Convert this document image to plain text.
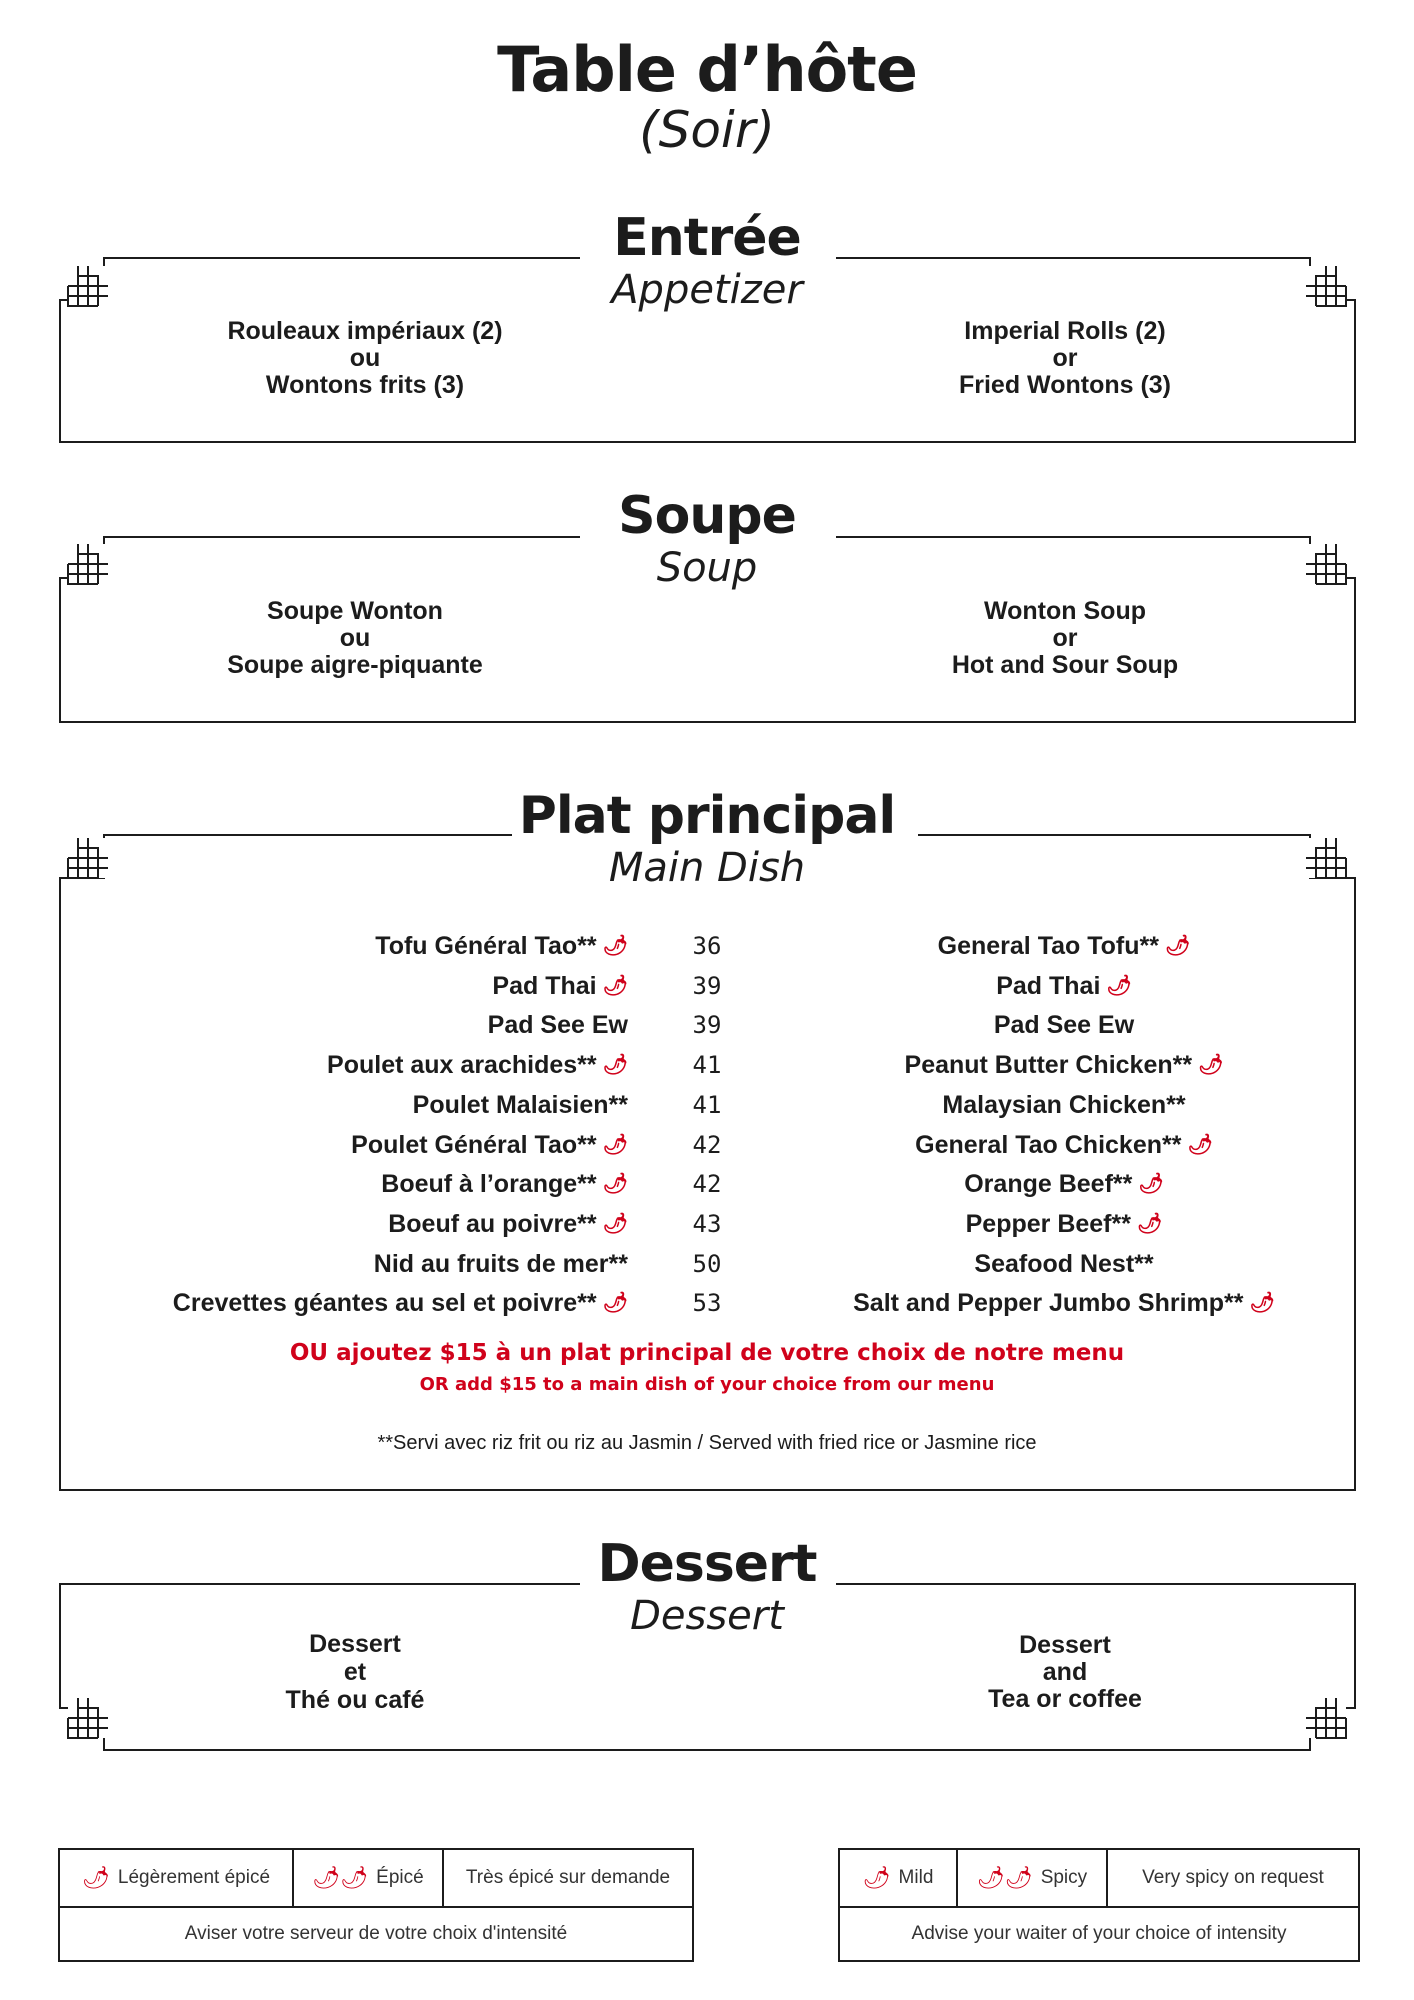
Table d’hôte
(Soir)
Entrée
Appetizer
Rouleaux impériaux (2)
ou
Wontons frits (3)
Imperial Rolls (2)
or
Fried Wontons (3)
Soupe
Soup
Soupe Wonton
ou
Soupe aigre-piquante
Wonton Soup
or
Hot and Sour Soup
Plat principal
Main Dish
Tofu Général Tao** 🌶	36	General Tao Tofu** 🌶
Pad Thai 🌶	39	Pad Thai 🌶
Pad See Ew	39	Pad See Ew
Poulet aux arachides** 🌶	41	Peanut Butter Chicken** 🌶
Poulet Malaisien**	41	Malaysian Chicken**
Poulet Général Tao** 🌶	42	General Tao Chicken** 🌶
Boeuf à l’orange** 🌶	42	Orange Beef** 🌶
Boeuf au poivre** 🌶	43	Pepper Beef** 🌶
Nid au fruits de mer**	50	Seafood Nest**
Crevettes géantes au sel et poivre** 🌶	53	Salt and Pepper Jumbo Shrimp** 🌶
OU ajoutez $15 à un plat principal de votre choix de notre menu
OR add $15 to a main dish of your choice from our menu
**Servi avec riz frit ou riz au Jasmin / Served with fried rice or Jasmine rice
Dessert
Dessert
Dessert
et
Thé ou café
Dessert
and
Tea or coffee
🌶 Légèrement épicé 🌶🌶 Épicé	Très épicé sur demande
Aviser votre serveur de votre choix d'intensité
🌶 Mild 🌶🌶 Spicy	Very spicy on request
Advise your waiter of your choice of intensity
